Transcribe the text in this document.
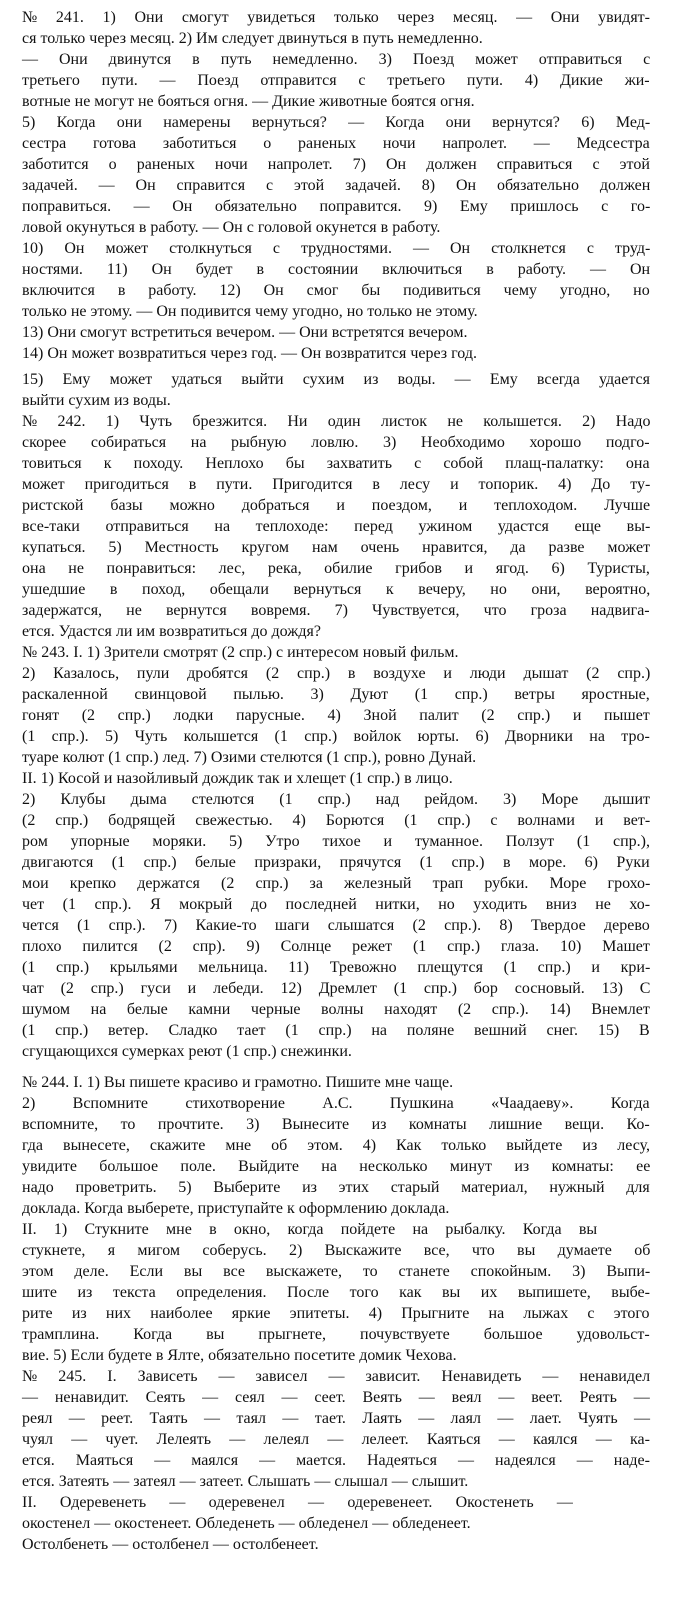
№ 241. 1) Они смогут увидеться только через месяц. — Они увидят-
ся только через месяц. 2) Им следует двинуться в путь немедленно.
— Они двинутся в путь немедленно. 3) Поезд может отправиться с
третьего пути. — Поезд отправится с третьего пути. 4) Дикие жи-
вотные не могут не бояться огня. — Дикие животные боятся огня.
5) Когда они намерены вернуться? — Когда они вернутся? 6) Мед-
сестра готова заботиться о раненых ночи напролет. — Медсестра
заботится о раненых ночи напролет. 7) Он должен справиться с этой
задачей. — Он справится с этой задачей. 8) Он обязательно должен
поправиться. — Он обязательно поправится. 9) Ему пришлось с го-
ловой окунуться в работу. — Он с головой окунется в работу.
10) Он может столкнуться с трудностями. — Он столкнется с труд-
ностями. 11) Он будет в состоянии включиться в работу. — Он
включится в работу. 12) Он смог бы подивиться чему угодно, но
только не этому. — Он подивится чему угодно, но только не этому.
13) Они смогут встретиться вечером. — Они встретятся вечером.
14) Он может возвратиться через год. — Он возвратится через год.
15) Ему может удаться выйти сухим из воды. — Ему всегда удается
выйти сухим из воды.
№ 242. 1) Чуть брезжится. Ни один листок не колышется. 2) Надо
скорее собираться на рыбную ловлю. 3) Необходимо хорошо подго-
товиться к походу. Неплохо бы захватить с собой плащ-палатку: она
может пригодиться в пути. Пригодится в лесу и топорик. 4) До ту-
ристской базы можно добраться и поездом, и теплоходом. Лучше
все-таки отправиться на теплоходе: перед ужином удастся еще вы-
купаться. 5) Местность кругом нам очень нравится, да разве может
она не понравиться: лес, река, обилие грибов и ягод. 6) Туристы,
ушедшие в поход, обещали вернуться к вечеру, но они, вероятно,
задержатся, не вернутся вовремя. 7) Чувствуется, что гроза надвига-
ется. Удастся ли им возвратиться до дождя?
№ 243. I. 1) Зрители смотрят (2 спр.) с интересом новый фильм.
2) Казалось, пули дробятся (2 спр.) в воздухе и люди дышат (2 спр.)
раскаленной свинцовой пылью. 3) Дуют (1 спр.) ветры яростные,
гонят (2 спр.) лодки парусные. 4) Зной палит (2 спр.) и пышет
(1 спр.). 5) Чуть колышется (1 спр.) войлок юрты. 6) Дворники на тро-
туаре колют (1 спр.) лед. 7) Озими стелются (1 спр.), ровно Дунай.
II. 1) Косой и назойливый дождик так и хлещет (1 спр.) в лицо.
2) Клубы дыма стелются (1 спр.) над рейдом. 3) Море дышит
(2 спр.) бодрящей свежестью. 4) Борются (1 спр.) с волнами и вет-
ром упорные моряки. 5) Утро тихое и туманное. Ползут (1 спр.),
двигаются (1 спр.) белые призраки, прячутся (1 спр.) в море. 6) Руки
мои крепко держатся (2 спр.) за железный трап рубки. Море грохо-
чет (1 спр.). Я мокрый до последней нитки, но уходить вниз не хо-
чется (1 спр.). 7) Какие-то шаги слышатся (2 спр.). 8) Твердое дерево
плохо пилится (2 спр). 9) Солнце режет (1 спр.) глаза. 10) Машет
(1 спр.) крыльями мельница. 11) Тревожно плещутся (1 спр.) и кри-
чат (2 спр.) гуси и лебеди. 12) Дремлет (1 спр.) бор сосновый. 13) С
шумом на белые камни черные волны находят (2 спр.). 14) Внемлет
(1 спр.) ветер. Сладко тает (1 спр.) на поляне вешний снег. 15) В
сгущающихся сумерках реют (1 спр.) снежинки.
№ 244. I. 1) Вы пишете красиво и грамотно. Пишите мне чаще.
2) Вспомните стихотворение А.С. Пушкина «Чаадаеву». Когда
вспомните, то прочтите. 3) Вынесите из комнаты лишние вещи. Ко-
гда вынесете, скажите мне об этом. 4) Как только выйдете из лесу,
увидите большое поле. Выйдите на несколько минут из комнаты: ее
надо проветрить. 5) Выберите из этих старый материал, нужный для
доклада. Когда выберете, приступайте к оформлению доклада.
II. 1) Стукните мне в окно, когда пойдете на рыбалку. Когда вы
стукнете, я мигом соберусь. 2) Выскажите все, что вы думаете об
этом деле. Если вы все выскажете, то станете спокойным. 3) Выпи-
шите из текста определения. После того как вы их выпишете, выбе-
рите из них наиболее яркие эпитеты. 4) Прыгните на лыжах с этого
трамплина. Когда вы прыгнете, почувствуете большое удовольст-
вие. 5) Если будете в Ялте, обязательно посетите домик Чехова.
№ 245. I. Зависеть — зависел — зависит. Ненавидеть — ненавидел
— ненавидит. Сеять — сеял — сеет. Веять — веял — веет. Реять —
реял — реет. Таять — таял — тает. Лаять — лаял — лает. Чуять —
чуял — чует. Лелеять — лелеял — лелеет. Каяться — каялся — ка-
ется. Маяться — маялся — мается. Надеяться — надеялся — наде-
ется. Затеять — затеял — затеет. Слышать — слышал — слышит.
II. Одеревенеть — одеревенел — одеревенеет. Окостенеть —
окостенел — окостенеет. Обледенеть — обледенел — обледенеет.
Остолбенеть — остолбенел — остолбенеет.
